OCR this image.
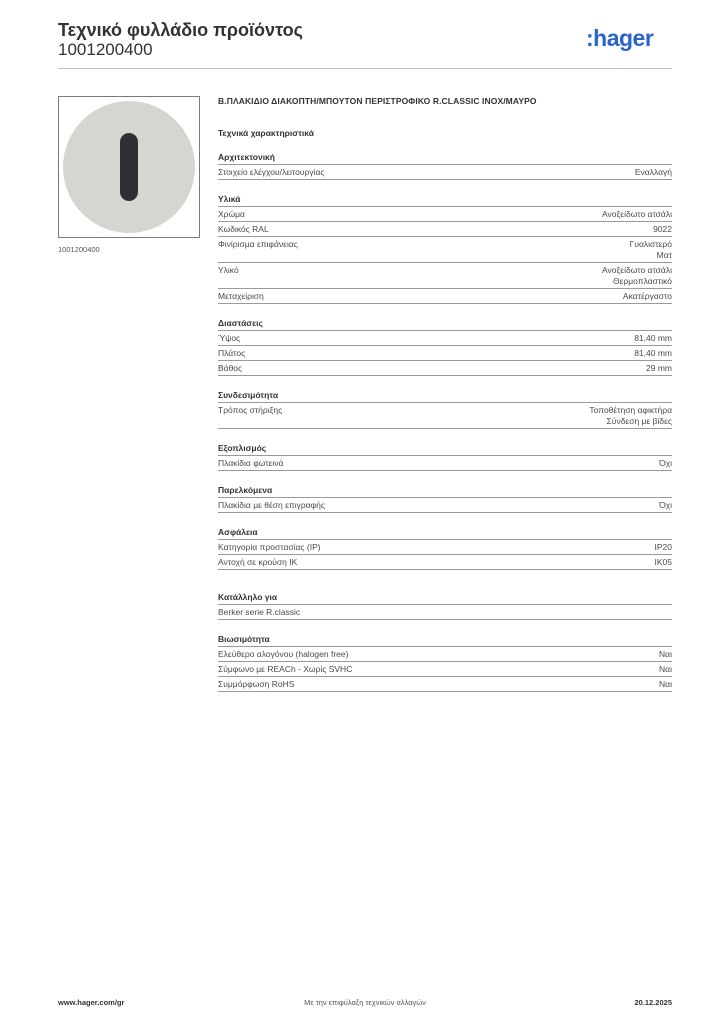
Τεχνικό φυλλάδιο προϊόντος
1001200400	:hager
1001200400
Β.ΠΛΑΚΙΔΙΟ ΔΙΑΚΟΠΤΗ/ΜΠΟΥΤΟΝ ΠΕΡΙΣΤΡΟΦΙΚΟ R.CLASSIC INOX/ΜΑΥΡΟ
Τεχνικά χαρακτηριστικά
Αρχιτεκτονική
Στοιχείο ελέγχου/λειτουργίας	Εναλλαγή
Υλικά
Χρώμα	Ανοξείδωτο ατσάλι
Κωδικός RAL	9022
Φινίρισμα επιφάνειας	Γυαλιστερό
Ματ
Υλικό	Ανοξείδωτο ατσάλι
Θερμοπλαστικό
Μεταχείριση	Ακατέργαστο
Διαστάσεις
Ύψος	81,40 mm
Πλάτος	81,40 mm
Βάθος	29 mm
Συνδεσιμότητα
Τρόπος στήριξης	Τοποθέτηση αφικτήρα
Σύνδεση με βίδες
Εξοπλισμός
Πλακίδια φωτεινά	Όχι
Παρελκόμενα
Πλακίδια με θέση επιγραφής	Όχι
Ασφάλεια
Κατηγορία προστασίας (IP)	IP20
Αντοχή σε κρούση IK	IK05
Κατάλληλο για
Berker serie R.classic
Βιωσιμότητα
Ελεύθερο αλογόνου (halogen free)	Ναι
Σύμφωνο με REACh - Χωρίς SVHC	Ναι
Συμμόρφωση RoHS	Ναι
www.hager.com/gr	Με την επιφύλαξη τεχνικών αλλαγών	20.12.2025
